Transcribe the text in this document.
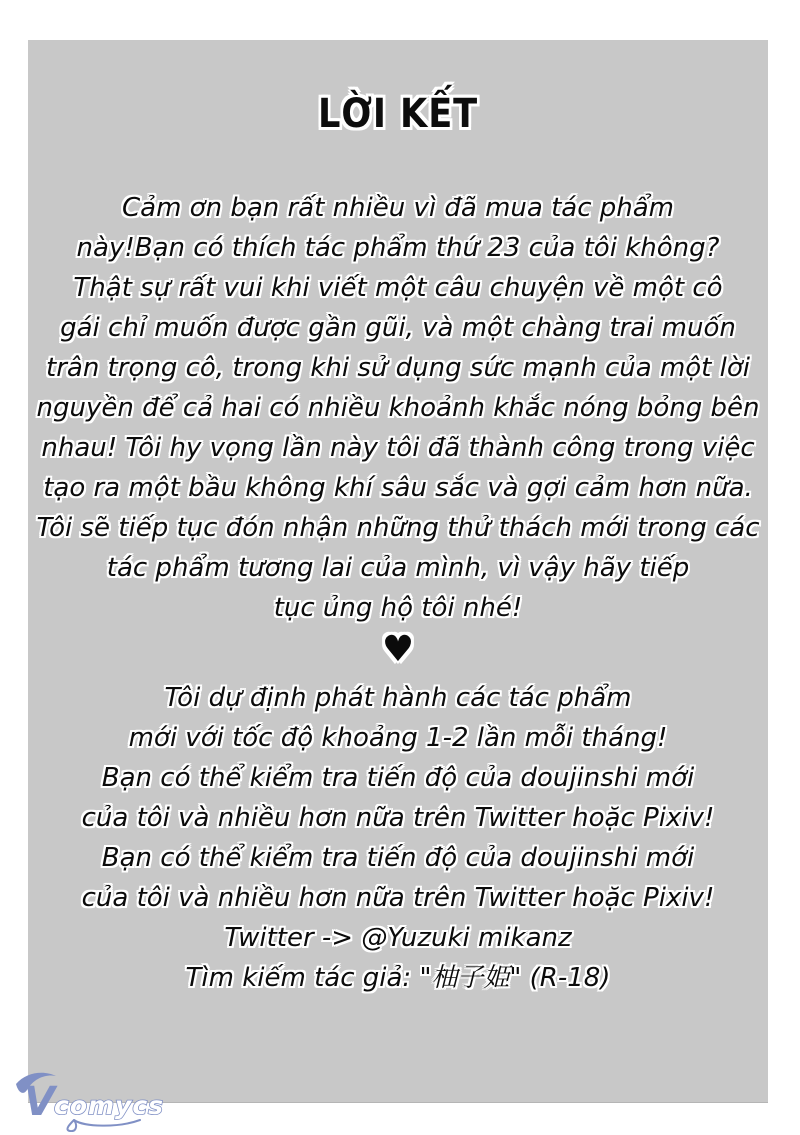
LỜI KẾT
Cảm ơn bạn rất nhiều vì đã mua tác phẩm
này!Bạn có thích tác phẩm thứ 23 của tôi không?
Thật sự rất vui khi viết một câu chuyện về một cô
gái chỉ muốn được gần gũi, và một chàng trai muốn
trân trọng cô, trong khi sử dụng sức mạnh của một lời
nguyền để cả hai có nhiều khoảnh khắc nóng bỏng bên
nhau! Tôi hy vọng lần này tôi đã thành công trong việc
tạo ra một bầu không khí sâu sắc và gợi cảm hơn nữa.
Tôi sẽ tiếp tục đón nhận những thử thách mới trong các
tác phẩm tương lai của mình, vì vậy hãy tiếp
tục ủng hộ tôi nhé!
♥
Tôi dự định phát hành các tác phẩm
mới với tốc độ khoảng 1-2 lần mỗi tháng!
Bạn có thể kiểm tra tiến độ của doujinshi mới
của tôi và nhiều hơn nữa trên Twitter hoặc Pixiv!
Bạn có thể kiểm tra tiến độ của doujinshi mới
của tôi và nhiều hơn nữa trên Twitter hoặc Pixiv!
Twitter -> @Yuzuki mikanz
Tìm kiếm tác giả: "柚子姫" (R-18)
V comycs
